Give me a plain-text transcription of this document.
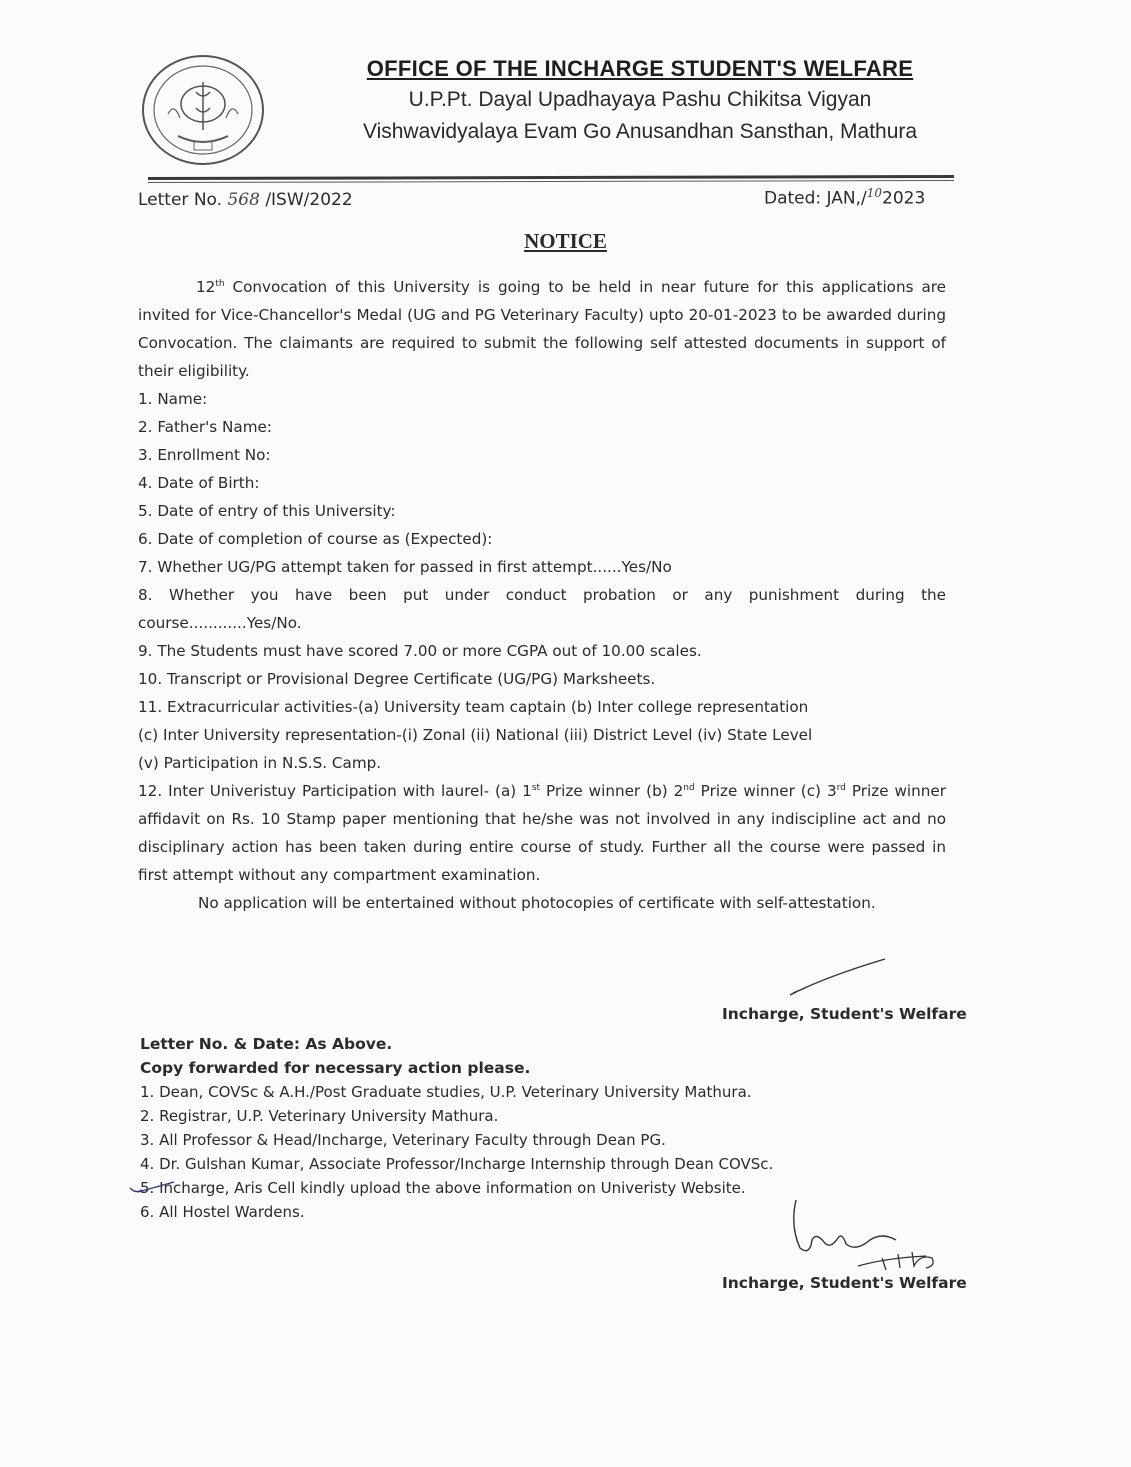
OFFICE OF THE INCHARGE STUDENT'S WELFARE
U.P.Pt. Dayal Upadhayaya Pashu Chikitsa Vigyan
Vishwavidyalaya Evam Go Anusandhan Sansthan, Mathura
Letter No. 568 /ISW/2022	Dated: JAN,/$^{10}$2023
NOTICE

12th Convocation of this University is going to be held in near future for this applications are invited for Vice-Chancellor's Medal (UG and PG Veterinary Faculty) upto 20-01-2023 to be awarded during Convocation. The claimants are required to submit the following self attested documents in support of their eligibility.

1. Name:

2. Father's Name:

3. Enrollment No:

4. Date of Birth:

5. Date of entry of this University:

6. Date of completion of course as (Expected):

7. Whether UG/PG attempt taken for passed in first attempt......Yes/No

8. Whether you have been put under conduct probation or any punishment during the course............Yes/No.

9. The Students must have scored 7.00 or more CGPA out of 10.00 scales.

10. Transcript or Provisional Degree Certificate (UG/PG) Marksheets.

11. Extracurricular activities-(a) University team captain (b) Inter college representation

(c) Inter University representation-(i) Zonal (ii) National (iii) District Level (iv) State Level

(v) Participation in N.S.S. Camp.

12. Inter Univeristuy Participation with laurel- (a) 1st Prize winner (b) 2nd Prize winner (c) 3rd Prize winner affidavit on Rs. 10 Stamp paper mentioning that he/she was not involved in any indiscipline act and no disciplinary action has been taken during entire course of study. Further all the course were passed in first attempt without any compartment examination.

No application will be entertained without photocopies of certificate with self-attestation.

Incharge, Student's Welfare
Letter No. & Date: As Above.
Copy forwarded for necessary action please.
1. Dean, COVSc & A.H./Post Graduate studies, U.P. Veterinary University Mathura.
2. Registrar, U.P. Veterinary University Mathura.
3. All Professor & Head/Incharge, Veterinary Faculty through Dean PG.
4. Dr. Gulshan Kumar, Associate Professor/Incharge Internship through Dean COVSc.
5. Incharge, Aris Cell kindly upload the above information on Univeristy Website.
6. All Hostel Wardens.
Incharge, Student's Welfare
